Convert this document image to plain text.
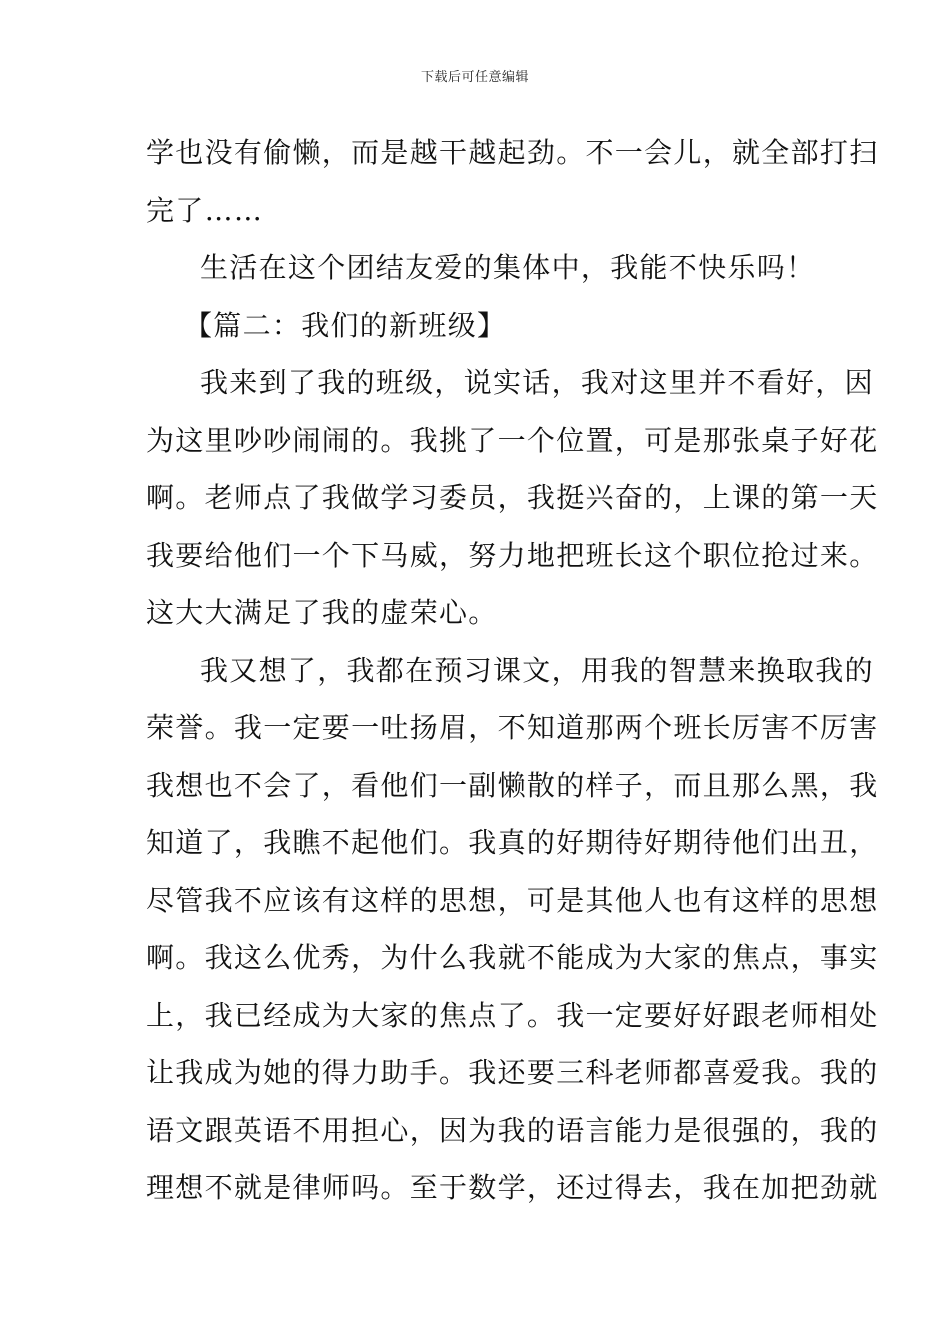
下载后可任意编辑
学也没有偷懒，而是越干越起劲。不一会儿，就全部打扫
完了……
生活在这个团结友爱的集体中，我能不快乐吗！
【篇二：我们的新班级】
我来到了我的班级，说实话，我对这里并不看好，因
为这里吵吵闹闹的。我挑了一个位置，可是那张桌子好花
啊。老师点了我做学习委员，我挺兴奋的，上课的第一天
我要给他们一个下马威，努力地把班长这个职位抢过来。
这大大满足了我的虚荣心。
我又想了，我都在预习课文，用我的智慧来换取我的
荣誉。我一定要一吐扬眉，不知道那两个班长厉害不厉害
我想也不会了，看他们一副懒散的样子，而且那么黑，我
知道了，我瞧不起他们。我真的好期待好期待他们出丑，
尽管我不应该有这样的思想，可是其他人也有这样的思想
啊。我这么优秀，为什么我就不能成为大家的焦点，事实
上，我已经成为大家的焦点了。我一定要好好跟老师相处
让我成为她的得力助手。我还要三科老师都喜爱我。我的
语文跟英语不用担心，因为我的语言能力是很强的，我的
理想不就是律师吗。至于数学，还过得去，我在加把劲就
